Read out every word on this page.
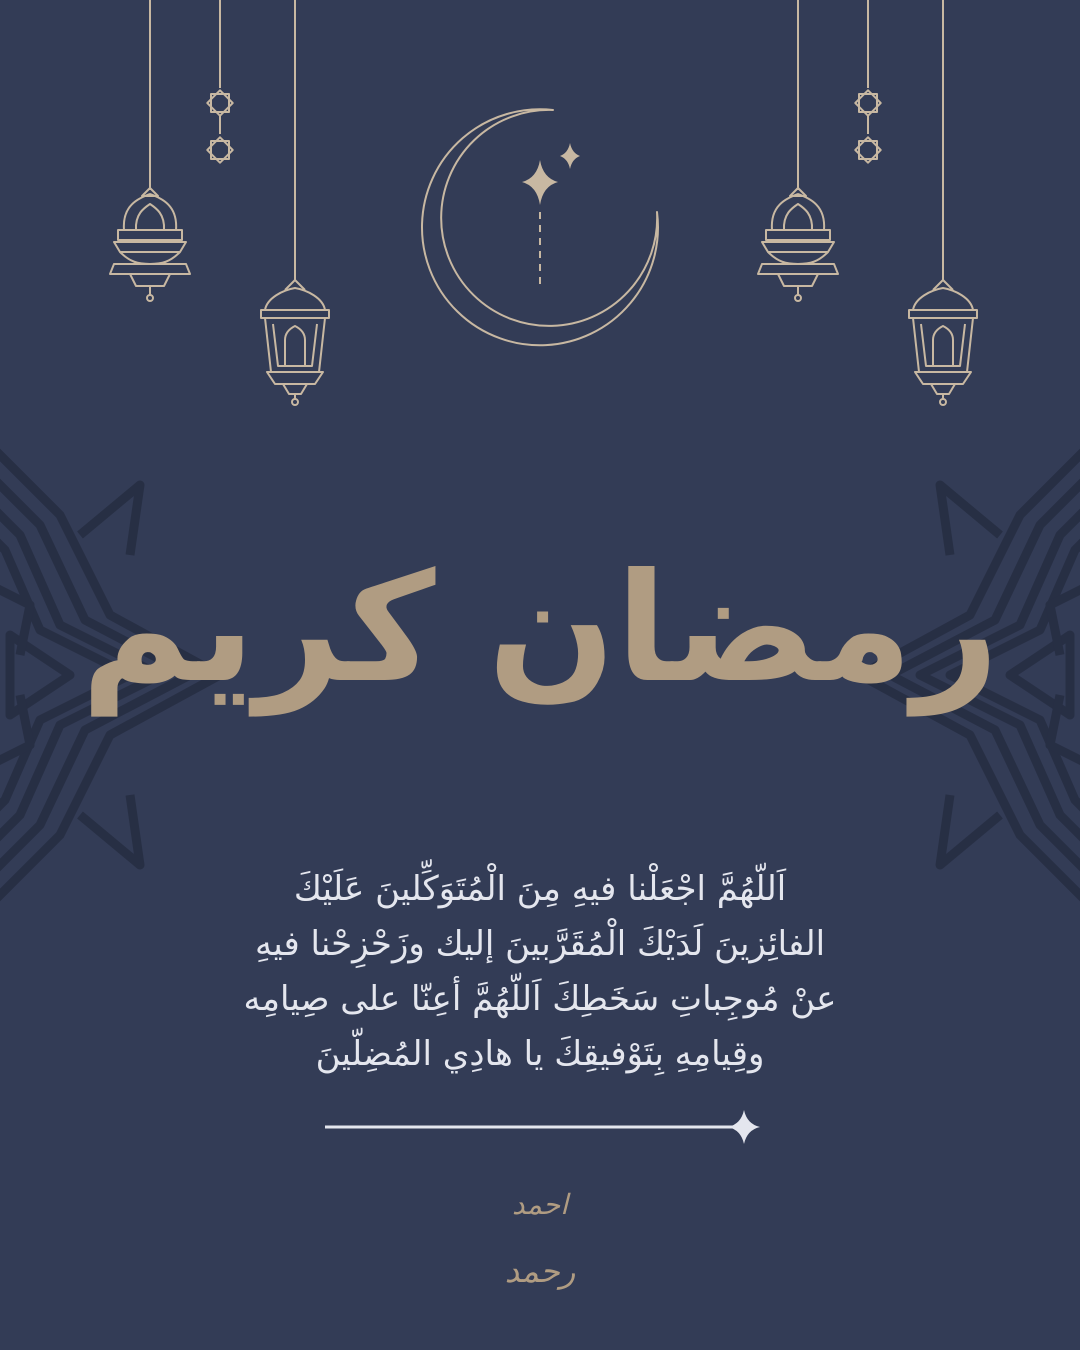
رمضان كريم
اَللّهُمَّ اجْعَلْنا فيهِ مِنَ الْمُتَوَكِّلينَ عَلَيْكَ
الفائِزينَ لَدَيْكَ الْمُقَرَّبينَ إليك وزَحْزِحْنا فيهِ
عنْ مُوجِباتِ سَخَطِكَ اَللّهُمَّ أعِنّا على صِيامِه
وقِيامِهِ بِتَوْفيقِكَ يا هادِي المُضِلّينَ
احمد
رحمد
